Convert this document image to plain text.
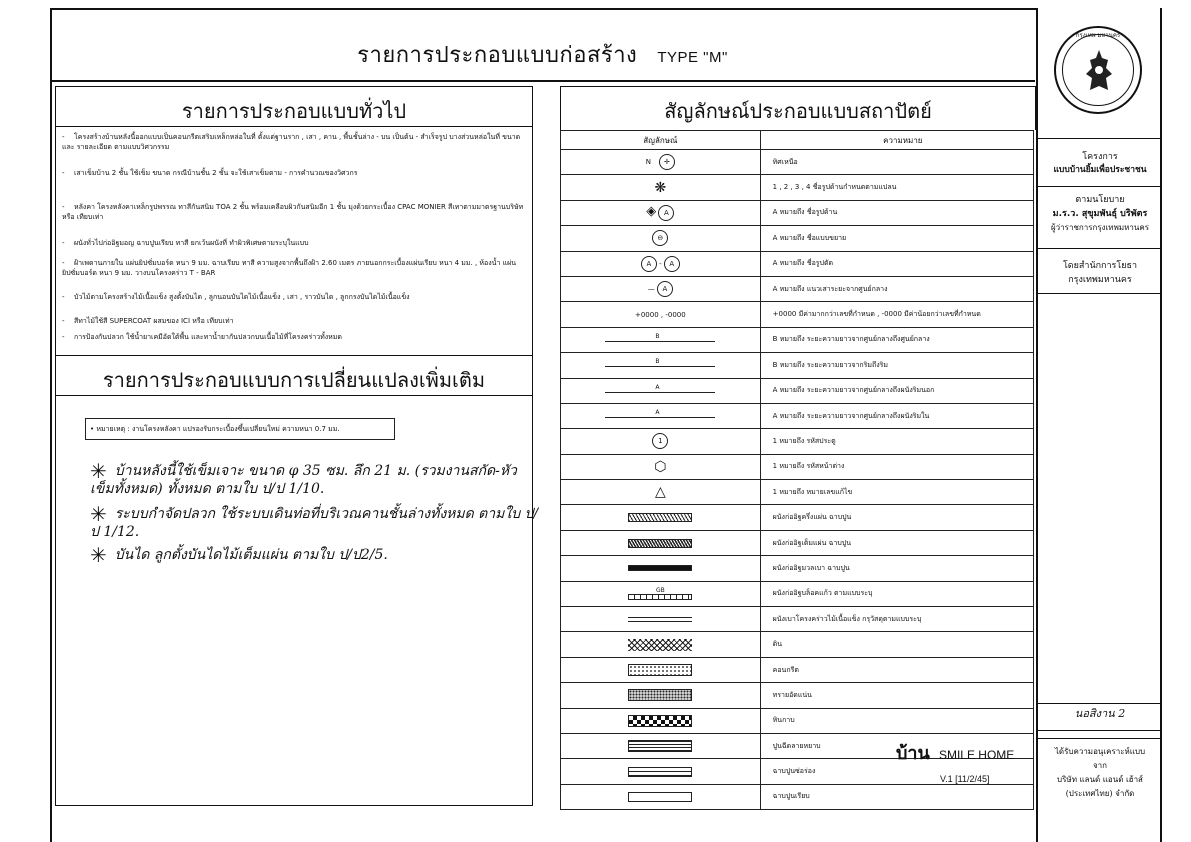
รายการประกอบแบบก่อสร้าง TYPE "M"
รายการประกอบแบบทั่วไป
- โครงสร้างบ้านหลังนี้ออกแบบเป็นคอนกรีตเสริมเหล็กหล่อในที่ ตั้งแต่ฐานราก , เสา , คาน , พื้นชั้นล่าง - บน เป็นต้น - สำเร็จรูป บางส่วนหล่อในที่ ขนาด และ รายละเอียด ตามแบบวิศวกรรม
- เสาเข็มบ้าน 2 ชั้น ใช้เข็ม ขนาด กรณีบ้านชั้น 2 ชั้น จะใช้เสาเข็มตาม - การคำนวณของวิศวกร
- หลังคา โครงหลังคาเหล็กรูปพรรณ ทาสีกันสนิม TOA 2 ชั้น พร้อมเคลือบผิวกันสนิมอีก 1 ชั้น มุงด้วยกระเบื้อง CPAC MONIER สีเทาตามมาตรฐานบริษัท หรือ เทียบเท่า
- ผนังทั่วไปก่ออิฐมอญ ฉาบปูนเรียบ ทาสี ยกเว้นผนังที่ ทำผิวพิเศษตามระบุในแบบ
- ฝ้าเพดานภายใน แผ่นยิปซั่มบอร์ด หนา 9 มม. ฉาบเรียบ ทาสี ความสูงจากพื้นถึงฝ้า 2.60 เมตร ภายนอกกระเบื้องแผ่นเรียบ หนา 4 มม. , ห้องน้ำ แผ่นยิปซั่มบอร์ด หนา 9 มม. วางบนโครงคร่าว T - BAR
- บัวไม้ตามโครงสร้างไม้เนื้อแข็ง สูงตั้งบันได , ลูกนอนบันไดไม้เนื้อแข็ง , เสา , ราวบันได , ลูกกรงบันไดไม้เนื้อแข็ง
- สีทาไม้ใช้สี SUPERCOAT ผสมของ ICI หรือ เทียบเท่า
- การป้องกันปลวก ใช้น้ำยาเคมีอัดใต้พื้น และทาน้ำยากันปลวกบนเนื้อไม้ที่โครงคร่าวทั้งหมด
รายการประกอบแบบการเปลี่ยนแปลงเพิ่มเติม
• หมายเหตุ : งานโครงหลังคา แปรองรับกระเบื้องซึ้นเปลี่ยนใหม่ ความหนา 0.7 มม.
✳ บ้านหลังนี้ใช้เข็มเจาะ ขนาด φ 35 ซม. ลึก 21 ม. (รวมงานสกัด-หัวเข็มทั้งหมด) ทั้งหมด ตามใบ ป/ป 1/10.
✳ ระบบกำจัดปลวก ใช้ระบบเดินท่อที่บริเวณคานชั้นล่างทั้งหมด ตามใบ ป/ป 1/12.
✳ บันได ลูกตั้งบันไดไม้เต็มแผ่น ตามใบ ป/ป2/5.
สัญลักษณ์ประกอบแบบสถาปัตย์
สัญลักษณ์	ความหมาย
N ✛	ทิศเหนือ
❋	1 , 2 , 3 , 4 ชื่อรูปด้านกำหนดตามแปลน
◈ A	A หมายถึง ชื่อรูปด้าน
⊖	A หมายถึง ชื่อแบบขยาย
A - A	A หมายถึง ชื่อรูปตัด
— A	A หมายถึง แนวเสาระยะจากศูนย์กลาง
+0000 , -0000	+0000 มีค่ามากกว่าเลขที่กำหนด , -0000 มีค่าน้อยกว่าเลขที่กำหนด

B	B หมายถึง ระยะความยาวจากศูนย์กลางถึงศูนย์กลาง

B	B หมายถึง ระยะความยาวจากริมถึงริม

A	A หมายถึง ระยะความยาวจากศูนย์กลางถึงผนังริมนอก

A	A หมายถึง ระยะความยาวจากศูนย์กลางถึงผนังริมใน
1	1 หมายถึง รหัสประตู
⬡	1 หมายถึง รหัสหน้าต่าง
△	1 หมายถึง หมายเลขแก้ไข
	ผนังก่ออิฐครึ่งแผ่น ฉาบปูน
	ผนังก่ออิฐเต็มแผ่น ฉาบปูน
	ผนังก่ออิฐมวลเบา ฉาบปูน
GB	ผนังก่ออิฐบล็อคแก้ว ตามแบบระบุ
	ผนังเบาโครงคร่าวไม้เนื้อแข็ง กรุวัสดุตามแบบระบุ
	ดิน
	คอนกรีต
	ทรายอัดแน่น
	หินกาบ
	ปูนฉีดลายหยาบ
	ฉาบปูนซ่อร่อง
	ฉาบปูนเรียบ
บ้าน SMILE HOME
V.1 [11/2/45]
กรุงเทพ มหานคร
โครงการ
แบบบ้านยิ้มเพื่อประชาชน
ตามนโยบาย
ม.ร.ว. สุขุมพันธุ์ บริพัตร
ผู้ว่าราชการกรุงเทพมหานคร
โดยสำนักการโยธา
กรุงเทพมหานคร
นอสิงาน 2
ได้รับความอนุเคราะห์แบบ
จาก
บริษัท แลนด์ แอนด์ เฮ้าส์
(ประเทศไทย) จำกัด
